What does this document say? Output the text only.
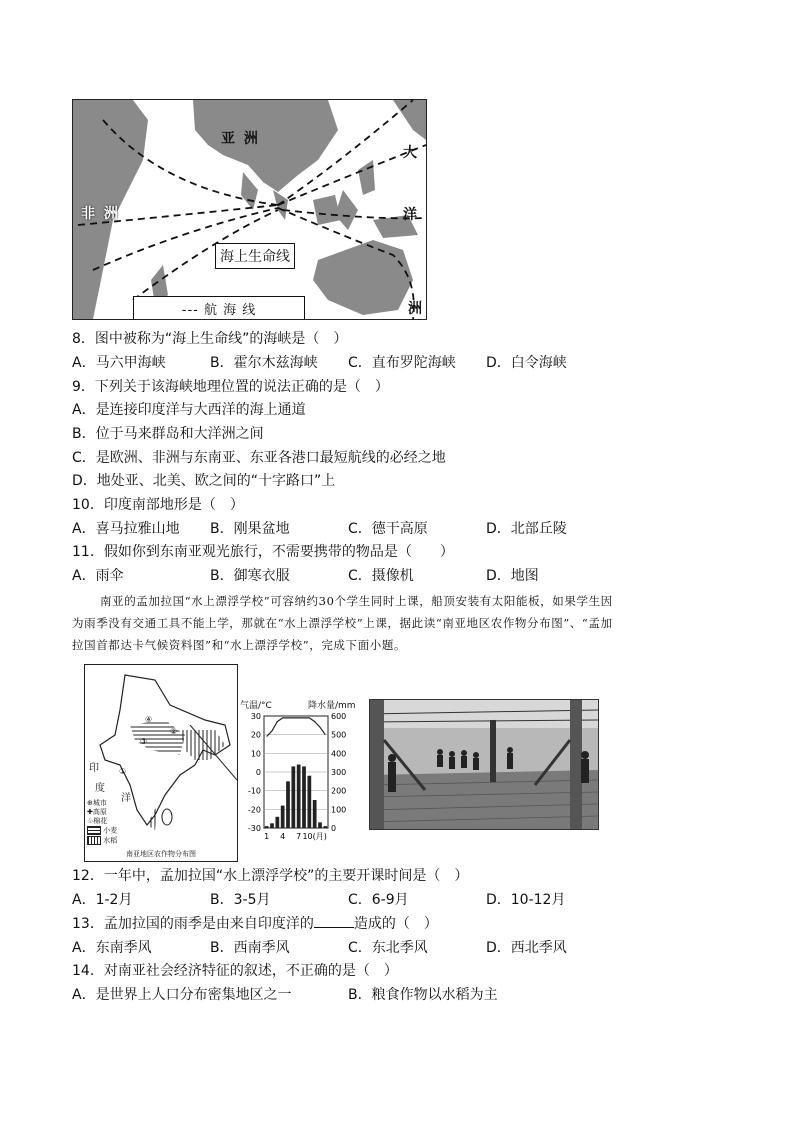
亚 洲
非 洲
大
洋
洲
海上生命线
--- 航 海 线
8．图中被称为“海上生命线”的海峡是（　）
A．马六甲海峡	B．霍尔木兹海峡 C．直布罗陀海峡 D．白令海峡
9．下列关于该海峡地理位置的说法正确的是（　）
A．是连接印度洋与大西洋的海上通道
B．位于马来群岛和大洋洲之间
C．是欧洲、非洲与东南亚、东亚各港口最短航线的必经之地
D．地处亚、北美、欧之间的“十字路口”上
10．印度南部地形是（　）
A．喜马拉雅山地 B．刚果盆地	C．德干高原	D．北部丘陵
11．假如你到东南亚观光旅行，不需要携带的物品是（　　）
A．雨伞	B．御寒衣服	C．摄像机	D．地图
南亚的孟加拉国“水上漂浮学校”可容纳约30个学生同时上课，船顶安装有太阳能板，如果学生因
为雨季没有交通工具不能上学，那就在“水上漂浮学校”上课，据此读“南亚地区农作物分布图”、“孟加
拉国首都达卡气候资料图”和“水上漂浮学校”，完成下面小题。
印
度
洋
④
③
②
①
⊕城市
✚高原
♧棉花
小麦
水稻
南亚地区农作物分布图
气温/°C	降水量/mm
30	600
20	500
10	400
0	300
-10	200
-20	100
-30	0
1 4 7 10(月)
12．一年中，孟加拉国“水上漂浮学校”的主要开课时间是（　）
A．1-2月	B．3-5月	C．6-9月	D．10-12月
13．孟加拉国的雨季是由来自印度洋的	造成的（　）
A．东南季风	B．西南季风	C．东北季风	D．西北季风
14．对南亚社会经济特征的叙述，不正确的是（　）
A．是世界上人口分布密集地区之一	B．粮食作物以水稻为主
